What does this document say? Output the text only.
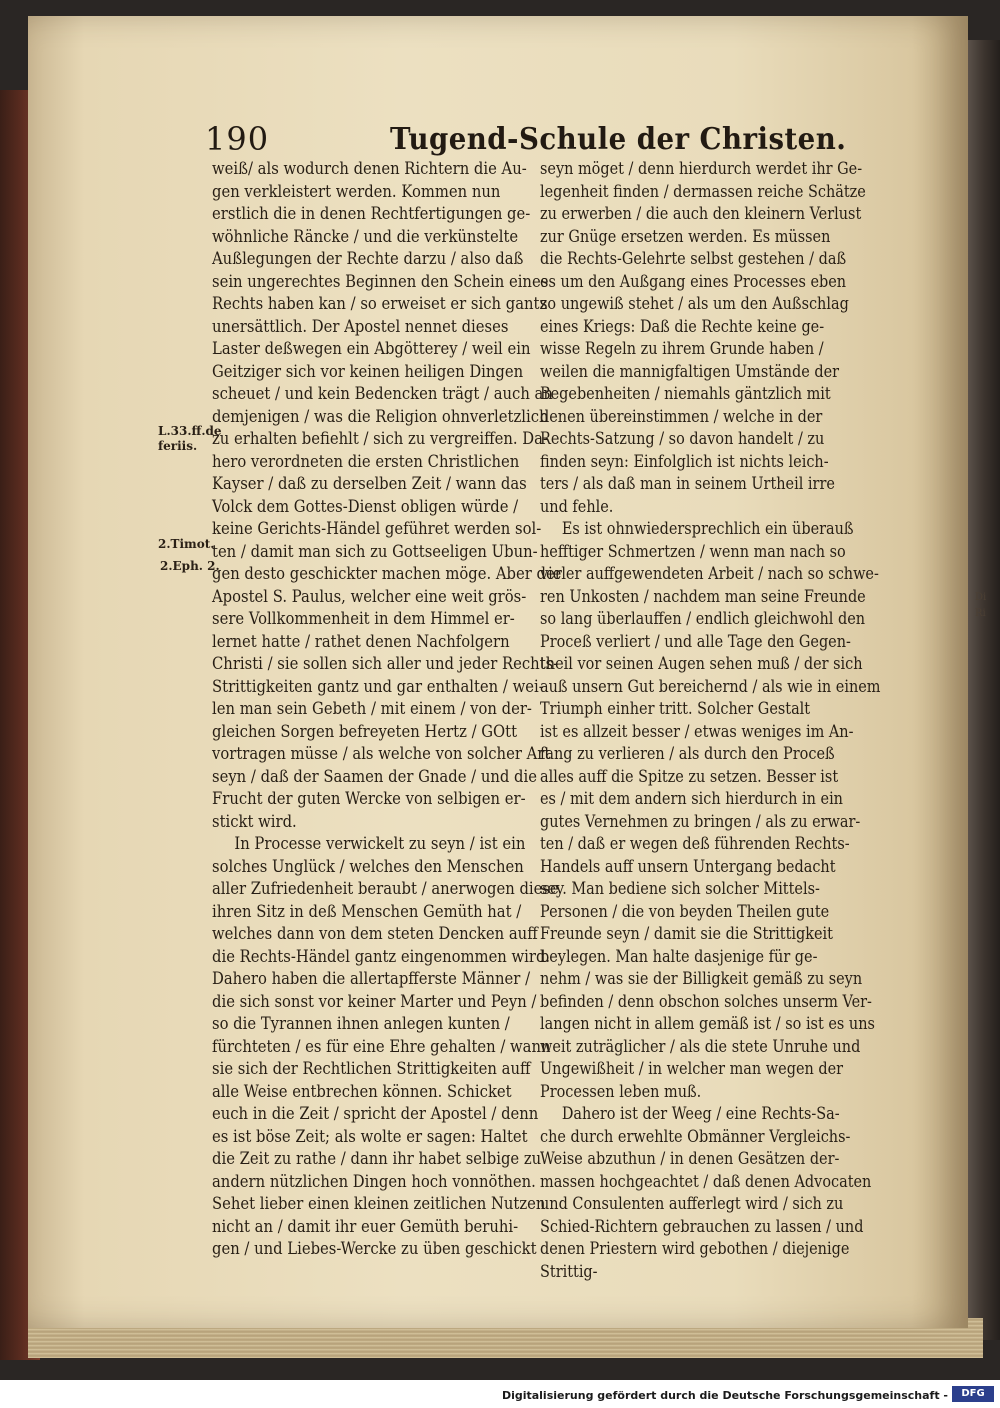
Di
Ri
190	Tugend-Schule der Christen.
weiß/ als wodurch denen Richtern die Au-
gen verkleistert werden. Kommen nun
erstlich die in denen Rechtfertigungen ge-
wöhnliche Räncke / und die verkünstelte
Außlegungen der Rechte darzu / also daß
sein ungerechtes Beginnen den Schein eines
Rechts haben kan / so erweiset er sich gantz
unersättlich. Der Apostel nennet dieses
Laster deßwegen ein Abgötterey / weil ein
Geitziger sich vor keinen heiligen Dingen
scheuet / und kein Bedencken trägt / auch an
demjenigen / was die Religion ohnverletzlich
zu erhalten befiehlt / sich zu vergreiffen. Da-
hero verordneten die ersten Christlichen
Kayser / daß zu derselben Zeit / wann das
Volck dem Gottes-Dienst obligen würde /
keine Gerichts-Händel geführet werden sol-
ten / damit man sich zu Gottseeligen Ubun-
gen desto geschickter machen möge. Aber der
Apostel S. Paulus, welcher eine weit grös-
sere Vollkommenheit in dem Himmel er-
lernet hatte / rathet denen Nachfolgern
Christi / sie sollen sich aller und jeder Rechts-
Strittigkeiten gantz und gar enthalten / wei-
len man sein Gebeth / mit einem / von der-
gleichen Sorgen befreyeten Hertz / GOtt
vortragen müsse / als welche von solcher Art
seyn / daß der Saamen der Gnade / und die
Frucht der guten Wercke von selbigen er-
stickt wird.
In Processe verwickelt zu seyn / ist ein
solches Unglück / welches den Menschen
aller Zufriedenheit beraubt / anerwogen diese
ihren Sitz in deß Menschen Gemüth hat /
welches dann von dem steten Dencken auff
die Rechts-Händel gantz eingenommen wird.
Dahero haben die allertapfferste Männer /
die sich sonst vor keiner Marter und Peyn /
so die Tyrannen ihnen anlegen kunten /
fürchteten / es für eine Ehre gehalten / wann
sie sich der Rechtlichen Strittigkeiten auff
alle Weise entbrechen können. Schicket
euch in die Zeit / spricht der Apostel / denn
es ist böse Zeit; als wolte er sagen: Haltet
die Zeit zu rathe / dann ihr habet selbige zu
andern nützlichen Dingen hoch vonnöthen.
Sehet lieber einen kleinen zeitlichen Nutzen
nicht an / damit ihr euer Gemüth beruhi-
gen / und Liebes-Wercke zu üben geschickt
seyn möget / denn hierdurch werdet ihr Ge-
legenheit finden / dermassen reiche Schätze
zu erwerben / die auch den kleinern Verlust
zur Gnüge ersetzen werden. Es müssen
die Rechts-Gelehrte selbst gestehen / daß
es um den Außgang eines Processes eben
so ungewiß stehet / als um den Außschlag
eines Kriegs: Daß die Rechte keine ge-
wisse Regeln zu ihrem Grunde haben /
weilen die mannigfaltigen Umstände der
Begebenheiten / niemahls gäntzlich mit
denen übereinstimmen / welche in der
Rechts-Satzung / so davon handelt / zu
finden seyn: Einfolglich ist nichts leich-
ters / als daß man in seinem Urtheil irre
und fehle.
Es ist ohnwiedersprechlich ein überauß
hefftiger Schmertzen / wenn man nach so
vieler auffgewendeten Arbeit / nach so schwe-
ren Unkosten / nachdem man seine Freunde
so lang überlauffen / endlich gleichwohl den
Proceß verliert / und alle Tage den Gegen-
theil vor seinen Augen sehen muß / der sich
auß unsern Gut bereichernd / als wie in einem
Triumph einher tritt. Solcher Gestalt
ist es allzeit besser / etwas weniges im An-
fang zu verlieren / als durch den Proceß
alles auff die Spitze zu setzen. Besser ist
es / mit dem andern sich hierdurch in ein
gutes Vernehmen zu bringen / als zu erwar-
ten / daß er wegen deß führenden Rechts-
Handels auff unsern Untergang bedacht
sey. Man bediene sich solcher Mittels-
Personen / die von beyden Theilen gute
Freunde seyn / damit sie die Strittigkeit
beylegen. Man halte dasjenige für ge-
nehm / was sie der Billigkeit gemäß zu seyn
befinden / denn obschon solches unserm Ver-
langen nicht in allem gemäß ist / so ist es uns
weit zuträglicher / als die stete Unruhe und
Ungewißheit / in welcher man wegen der
Processen leben muß.
Dahero ist der Weeg / eine Rechts-Sa-
che durch erwehlte Obmänner Vergleichs-
Weise abzuthun / in denen Gesätzen der-
massen hochgeachtet / daß denen Advocaten
und Consulenten aufferlegt wird / sich zu
Schied-Richtern gebrauchen zu lassen / und
denen Priestern wird gebothen / diejenige
Strittig-
L.33.ff.de
feriis.
2.Timot.
2.Eph. 2.
Digitalisierung gefördert durch die Deutsche Forschungsgemeinschaft -	DFG
